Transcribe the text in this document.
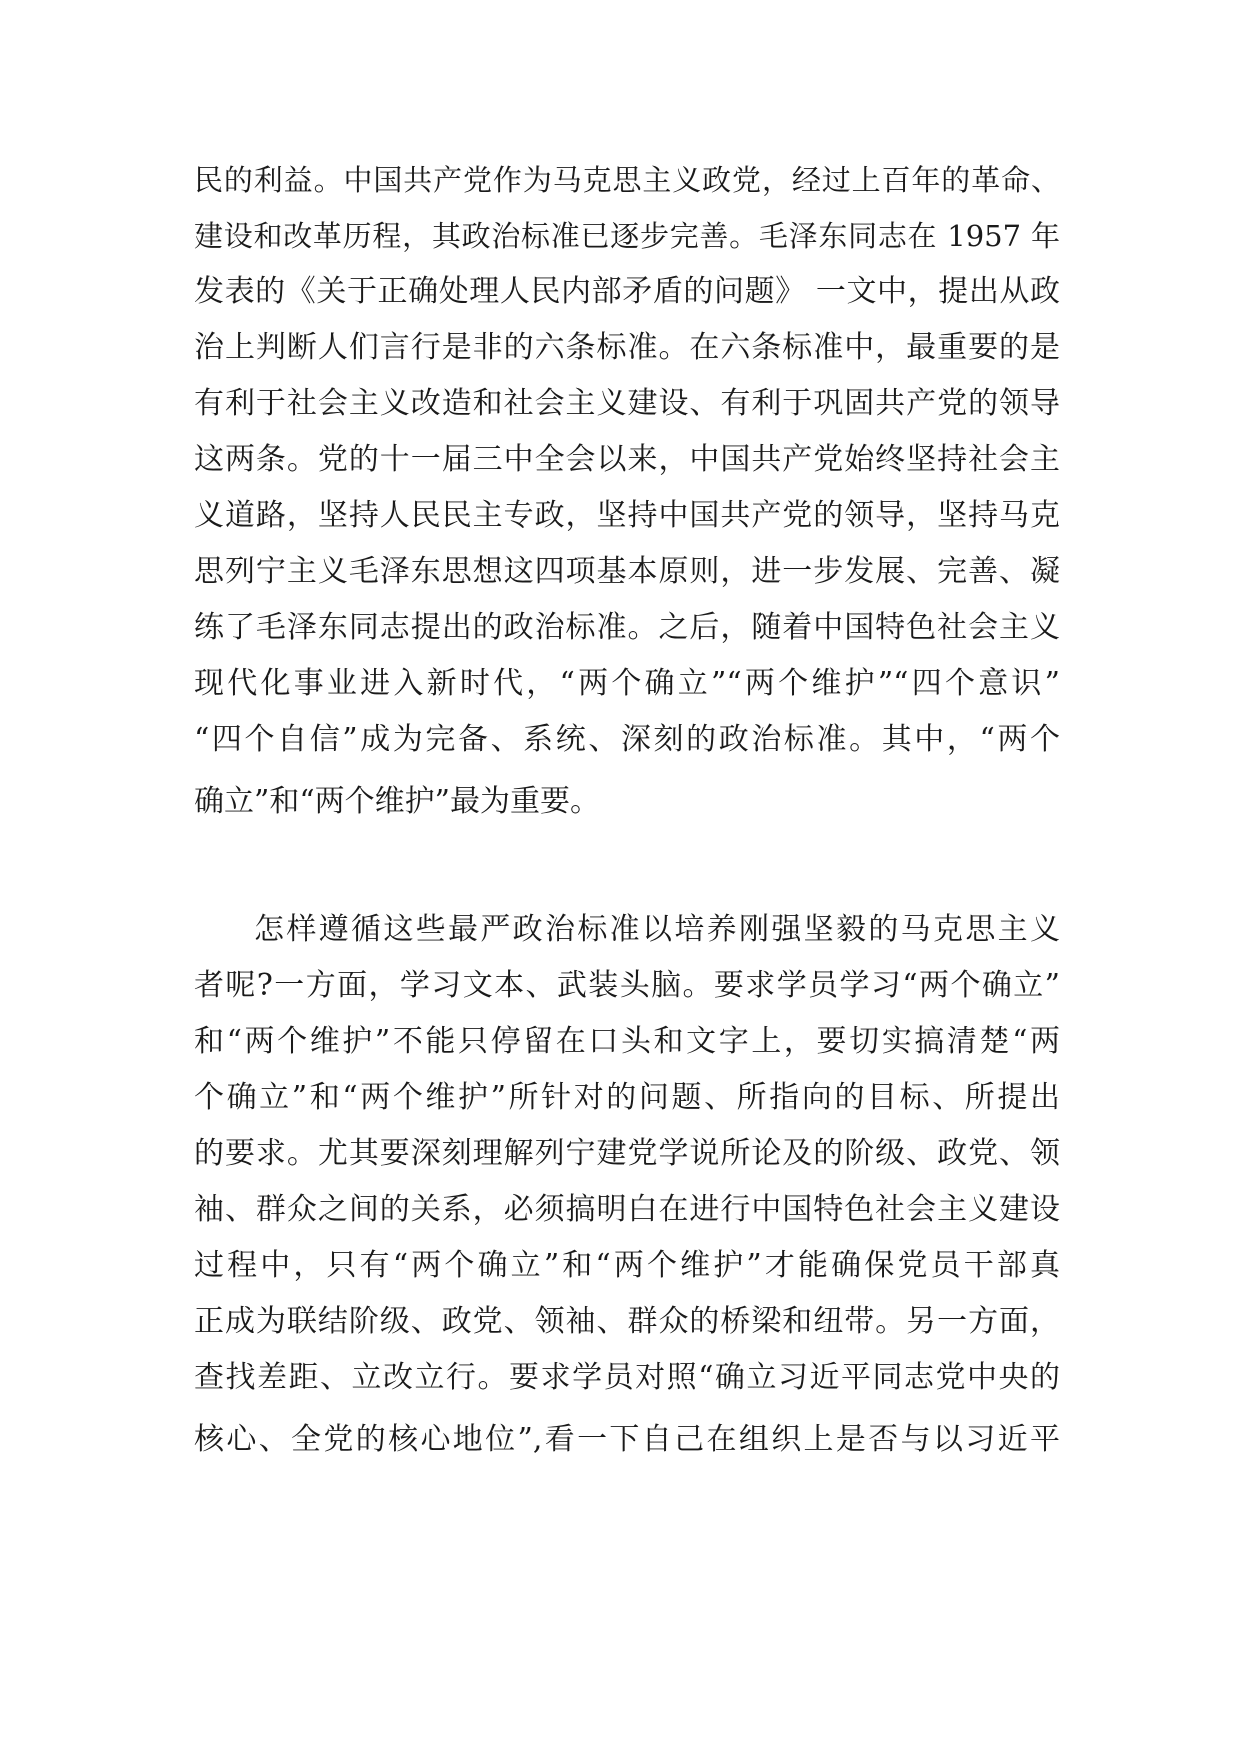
民的利益。中国共产党作为马克思主义政党，经过上百年的革命、

建设和改革历程，其政治标准已逐步完善。毛泽东同志在 1957 年

发表的《关于正确处理人民内部矛盾的问题》 一文中，提出从政

治上判断人们言行是非的六条标准。在六条标准中，最重要的是

有利于社会主义改造和社会主义建设、有利于巩固共产党的领导

这两条。党的十一届三中全会以来，中国共产党始终坚持社会主

义道路，坚持人民民主专政，坚持中国共产党的领导，坚持马克

思列宁主义毛泽东思想这四项基本原则，进一步发展、完善、凝

练了毛泽东同志提出的政治标准。之后，随着中国特色社会主义

现代化事业进入新时代，“两个确立”“两个维护”“四个意识”

“四个自信”成为完备、系统、深刻的政治标准。其中，“两个

确立”和“两个维护”最为重要。

怎样遵循这些最严政治标准以培养刚强坚毅的马克思主义

者呢?一方面，学习文本、武装头脑。要求学员学习“两个确立”

和“两个维护”不能只停留在口头和文字上，要切实搞清楚“两

个确立”和“两个维护”所针对的问题、所指向的目标、所提出

的要求。尤其要深刻理解列宁建党学说所论及的阶级、政党、领

袖、群众之间的关系，必须搞明白在进行中国特色社会主义建设

过程中，只有“两个确立”和“两个维护”才能确保党员干部真

正成为联结阶级、政党、领袖、群众的桥梁和纽带。另一方面，

查找差距、立改立行。要求学员对照“确立习近平同志党中央的

核心、全党的核心地位”,看一下自己在组织上是否与以习近平
